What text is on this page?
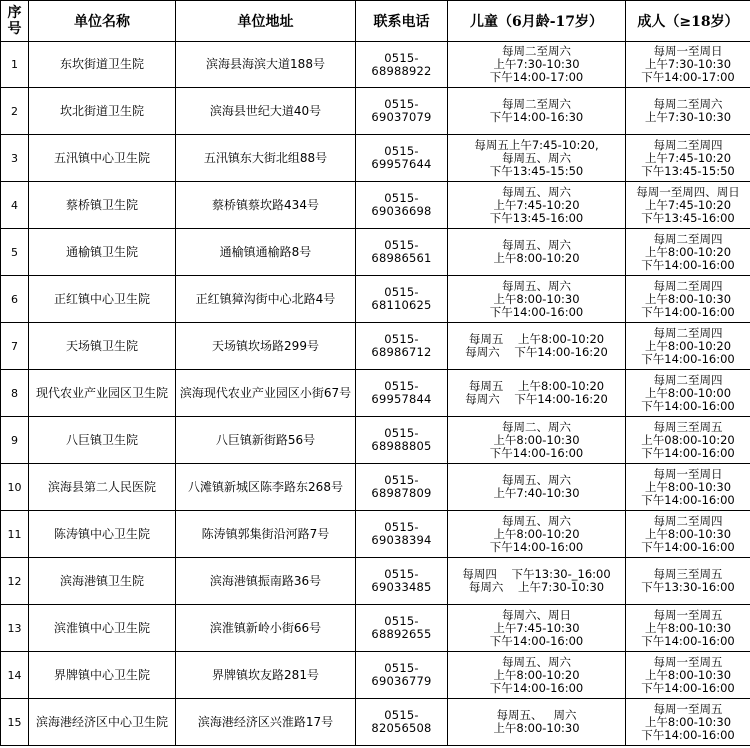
序号	单位名称	单位地址	联系电话	儿童（6月龄-17岁）	成人（≥18岁）
1	东坎街道卫生院	滨海县海滨大道188号	0515-68988922	每周二至周六
上午7:30-10:30
下午14:00-17:00	每周一至周日
上午7:30-10:30
下午14:00-17:00

2	坎北街道卫生院	滨海县世纪大道40号	0515-69037079	每周二至周六
下午14:00-16:30	每周二至周六
上午7:30-10:30

3	五汛镇中心卫生院	五汛镇东大街北组88号	0515-69957644	每周五上午7:45-10:20,
每周五、周六
下午13:45-15:50	每周二至周四
上午7:45-10:20
下午13:45-15:50

4	蔡桥镇卫生院	蔡桥镇蔡坎路434号	0515-69036698	每周五、周六
上午7:45-10:20
下午13:45-16:00	每周一至周四、周日
上午7:45-10:20
下午13:45-16:00

5	通榆镇卫生院	通榆镇通榆路8号	0515-68986561	每周五、周六
上午8:00-10:20	每周二至周四
上午8:00-10:20
下午14:00-16:00

6	正红镇中心卫生院	正红镇獐沟街中心北路4号	0515-68110625	每周五、周六
上午8:00-10:30
下午14:00-16:00	每周二至周四
上午8:00-10:30
下午14:00-16:00

7	天场镇卫生院	天场镇坎场路299号	0515-68986712	每周五    上午8:00-10:20
每周六    下午14:00-16:20	每周二至周四
上午8:00-10:20
下午14:00-16:00

8	现代农业产业园区卫生院	滨海现代农业产业园区小街67号	0515-69957844	每周五    上午8:00-10:20
每周六    下午14:00-16:20	每周二至周四
上午8:00-10:00
下午14:00-16:00

9	八巨镇卫生院	八巨镇新街路56号	0515-68988805	每周二、周六
上午8:00-10:30
下午14:00-16:00	每周三至周五
上午08:00-10:20
下午14:00-16:00

10	滨海县第二人民医院	八滩镇新城区陈李路东268号	0515-68987809	每周五、周六
上午7:40-10:30	每周一至周日
上午8:00-10:30
下午14:00-16:00

11	陈涛镇中心卫生院	陈涛镇郭集街沿河路7号	0515-69038394	每周五、周六
上午8:00-10:20
下午14:00-16:00	每周二至周四
上午8:00-10:30
下午14:00-16:00

12	滨海港镇卫生院	滨海港镇振南路36号	0515-69033485	每周四    下午13:30-_16:00
每周六    上午7:30-10:30	每周三至周五
下午13:30-16:00

13	滨淮镇中心卫生院	滨淮镇新岭小街66号	0515-68892655	每周六、周日
上午7:45-10:30
下午14:00-16:00	每周一至周五
上午8:00-10:30
下午14:00-16:00

14	界牌镇中心卫生院	界牌镇坎友路281号	0515-69036779	每周五、周六
上午8:00-10:20
下午14:00-16:00	每周一至周五
上午8:00-10:30
下午14:00-16:00

15	滨海港经济区中心卫生院	滨海港经济区兴淮路17号	0515-82056508	每周五、   周六
上午8:00-10:30	每周一至周五
上午8:00-10:30
下午14:00-16:00
